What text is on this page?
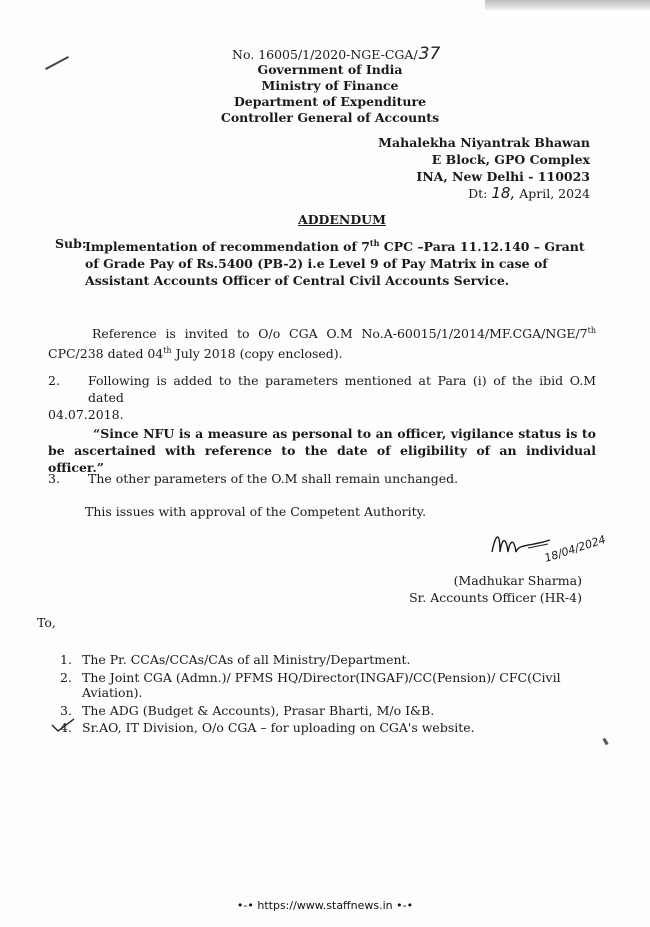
No. 16005/1/2020-NGE-CGA/37
Government of India
Ministry of Finance
Department of Expenditure
Controller General of Accounts
Mahalekha Niyantrak Bhawan
E Block, GPO Complex
INA, New Delhi - 110023
Dt: 18, April, 2024
ADDENDUM
Sub:
Implementation of recommendation of 7th CPC –Para 11.12.140 – Grant of Grade Pay of Rs.5400 (PB-2) i.e Level 9 of Pay Matrix in case of Assistant Accounts Officer of Central Civil Accounts Service.
Reference is invited to O/o CGA O.M No.A-60015/1/2014/MF.CGA/NGE/7th CPC/238 dated 04th July 2018 (copy enclosed).
2.	Following is added to the parameters mentioned at Para (i) of the ibid O.M dated
04.07.2018.
“Since NFU is a measure as personal to an officer, vigilance status is to be ascertained with reference to the date of eligibility of an individual officer.”
3.	The other parameters of the O.M shall remain unchanged.
This issues with approval of the Competent Authority.
18/04/2024
(Madhukar Sharma)
Sr. Accounts Officer (HR-4)
To,
1. The Pr. CCAs/CCAs/CAs of all Ministry/Department.
2. The Joint CGA (Admn.)/ PFMS HQ/Director(INGAF)/CC(Pension)/ CFC(Civil Aviation).
3. The ADG (Budget & Accounts), Prasar Bharti, M/o I&B.
4. Sr.AO, IT Division, O/o CGA – for uploading on CGA's website.
•-• https://www.staffnews.in •-•
